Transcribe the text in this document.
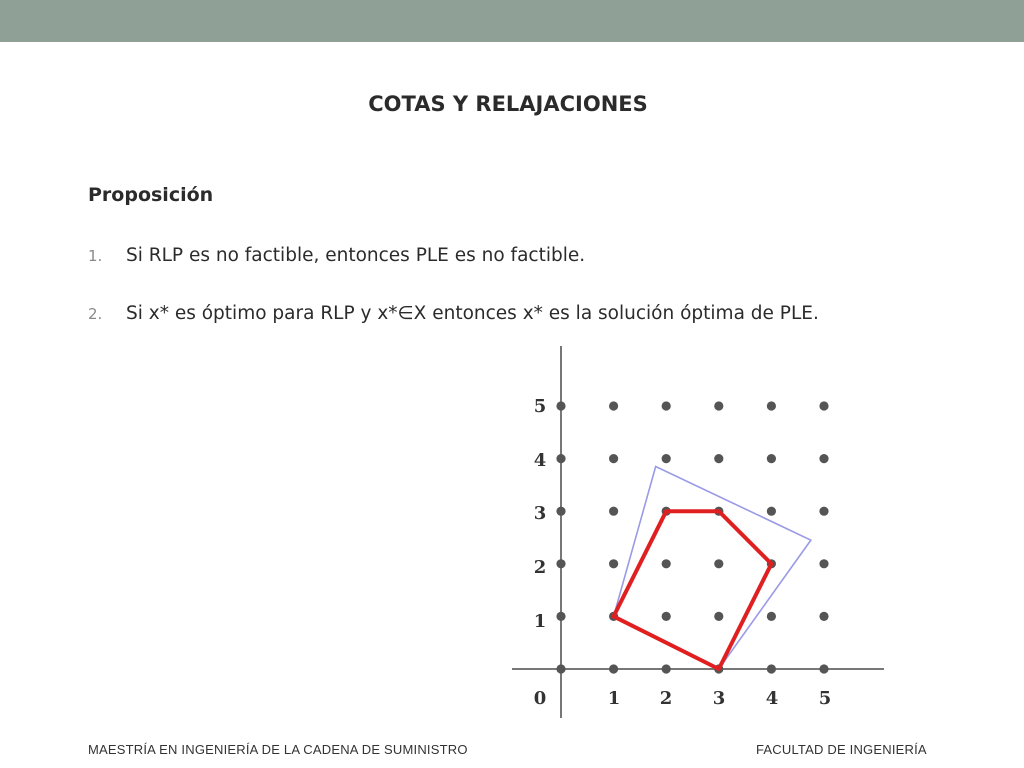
COTAS Y RELAJACIONES
Proposición
1. Si RLP es no factible, entonces PLE es no factible.
2. Si x* es óptimo para RLP y x*∈X entonces x* es la solución óptima de PLE.
0	1 2 3 4 5
1
2
3
4
5
MAESTRÍA EN INGENIERÍA DE LA CADENA DE SUMINISTRO	FACULTAD DE INGENIERÍA
